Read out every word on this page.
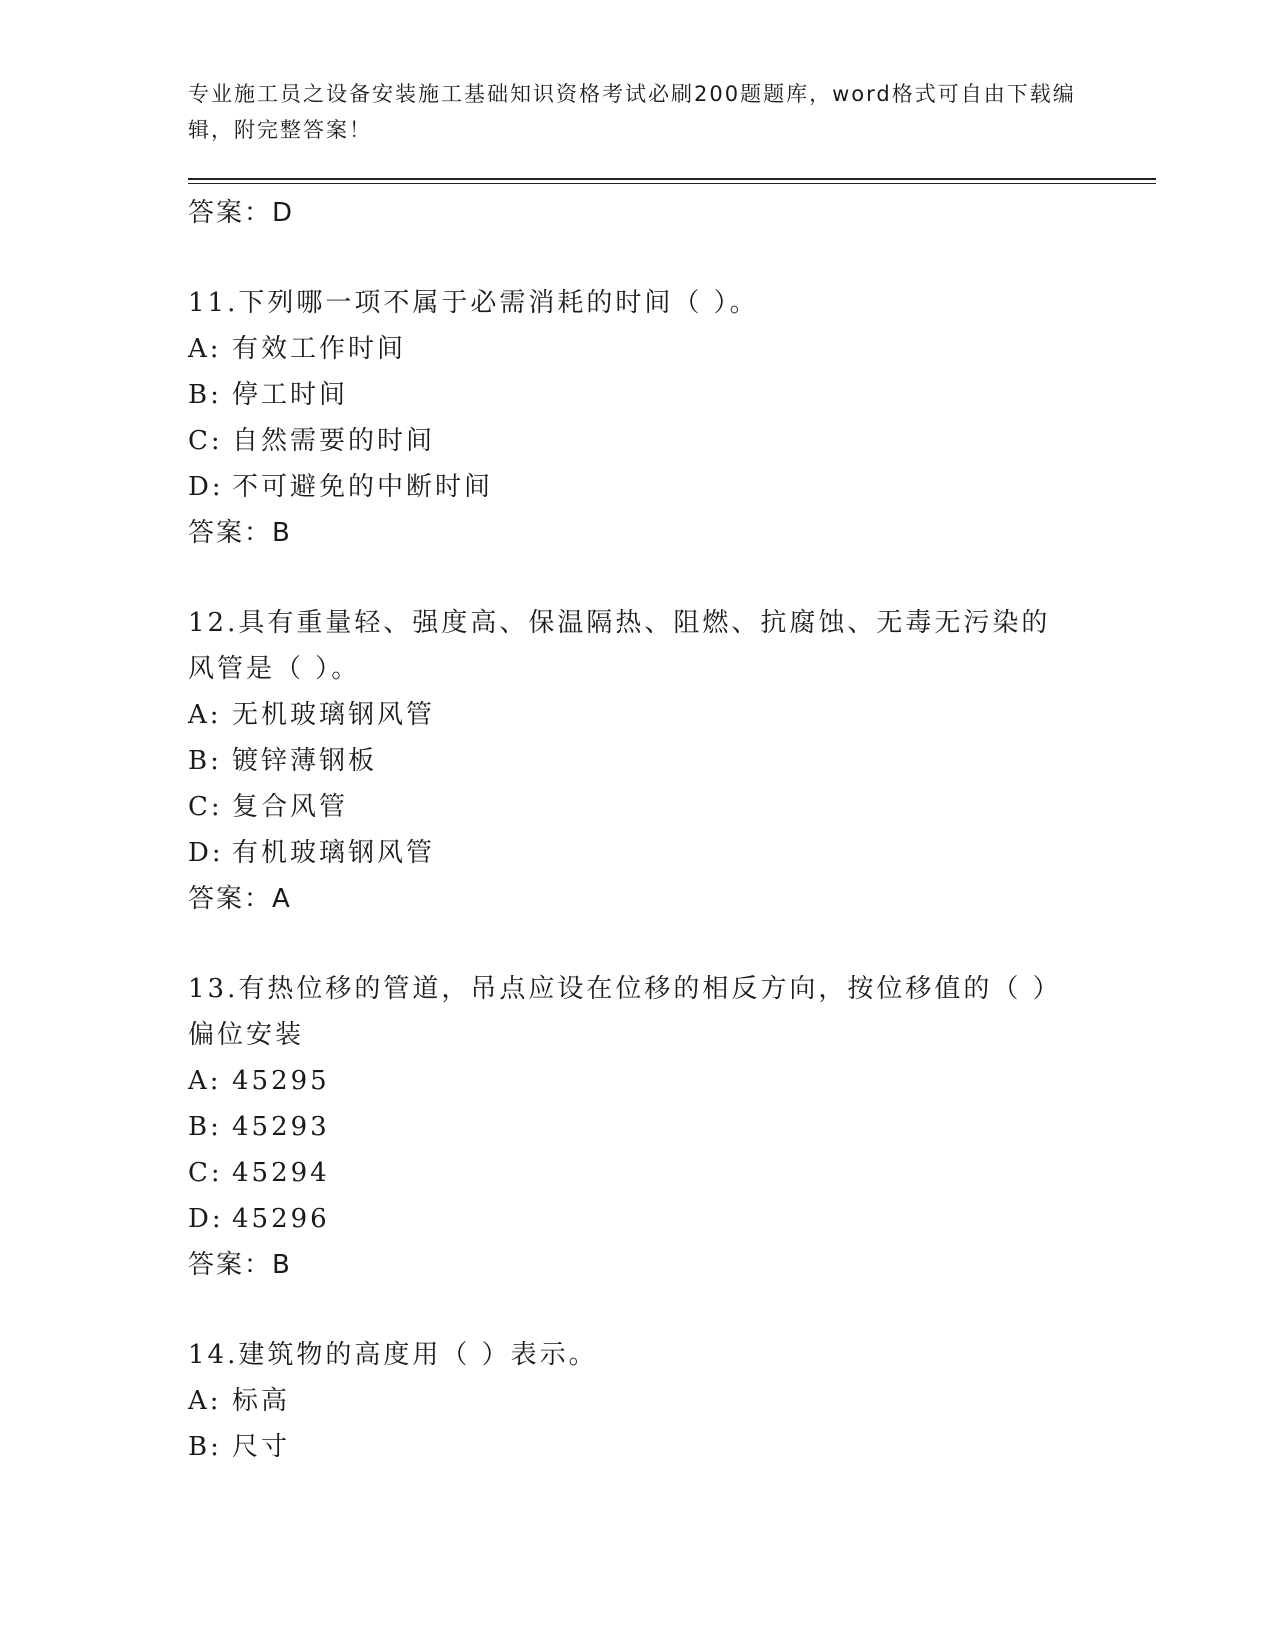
专业施工员之设备安装施工基础知识资格考试必刷200题题库，word格式可自由下载编辑，附完整答案！
答案：D
11.下列哪一项不属于必需消耗的时间（ ）。
A: 有效工作时间
B: 停工时间
C: 自然需要的时间
D: 不可避免的中断时间
答案：B
12.具有重量轻、强度高、保温隔热、阻燃、抗腐蚀、无毒无污染的风管是（ ）。
A: 无机玻璃钢风管
B: 镀锌薄钢板
C: 复合风管
D: 有机玻璃钢风管
答案：A
13.有热位移的管道，吊点应设在位移的相反方向，按位移值的（ ）偏位安装
A: 45295
B: 45293
C: 45294
D: 45296
答案：B
14.建筑物的高度用（ ）表示。
A: 标高
B: 尺寸
